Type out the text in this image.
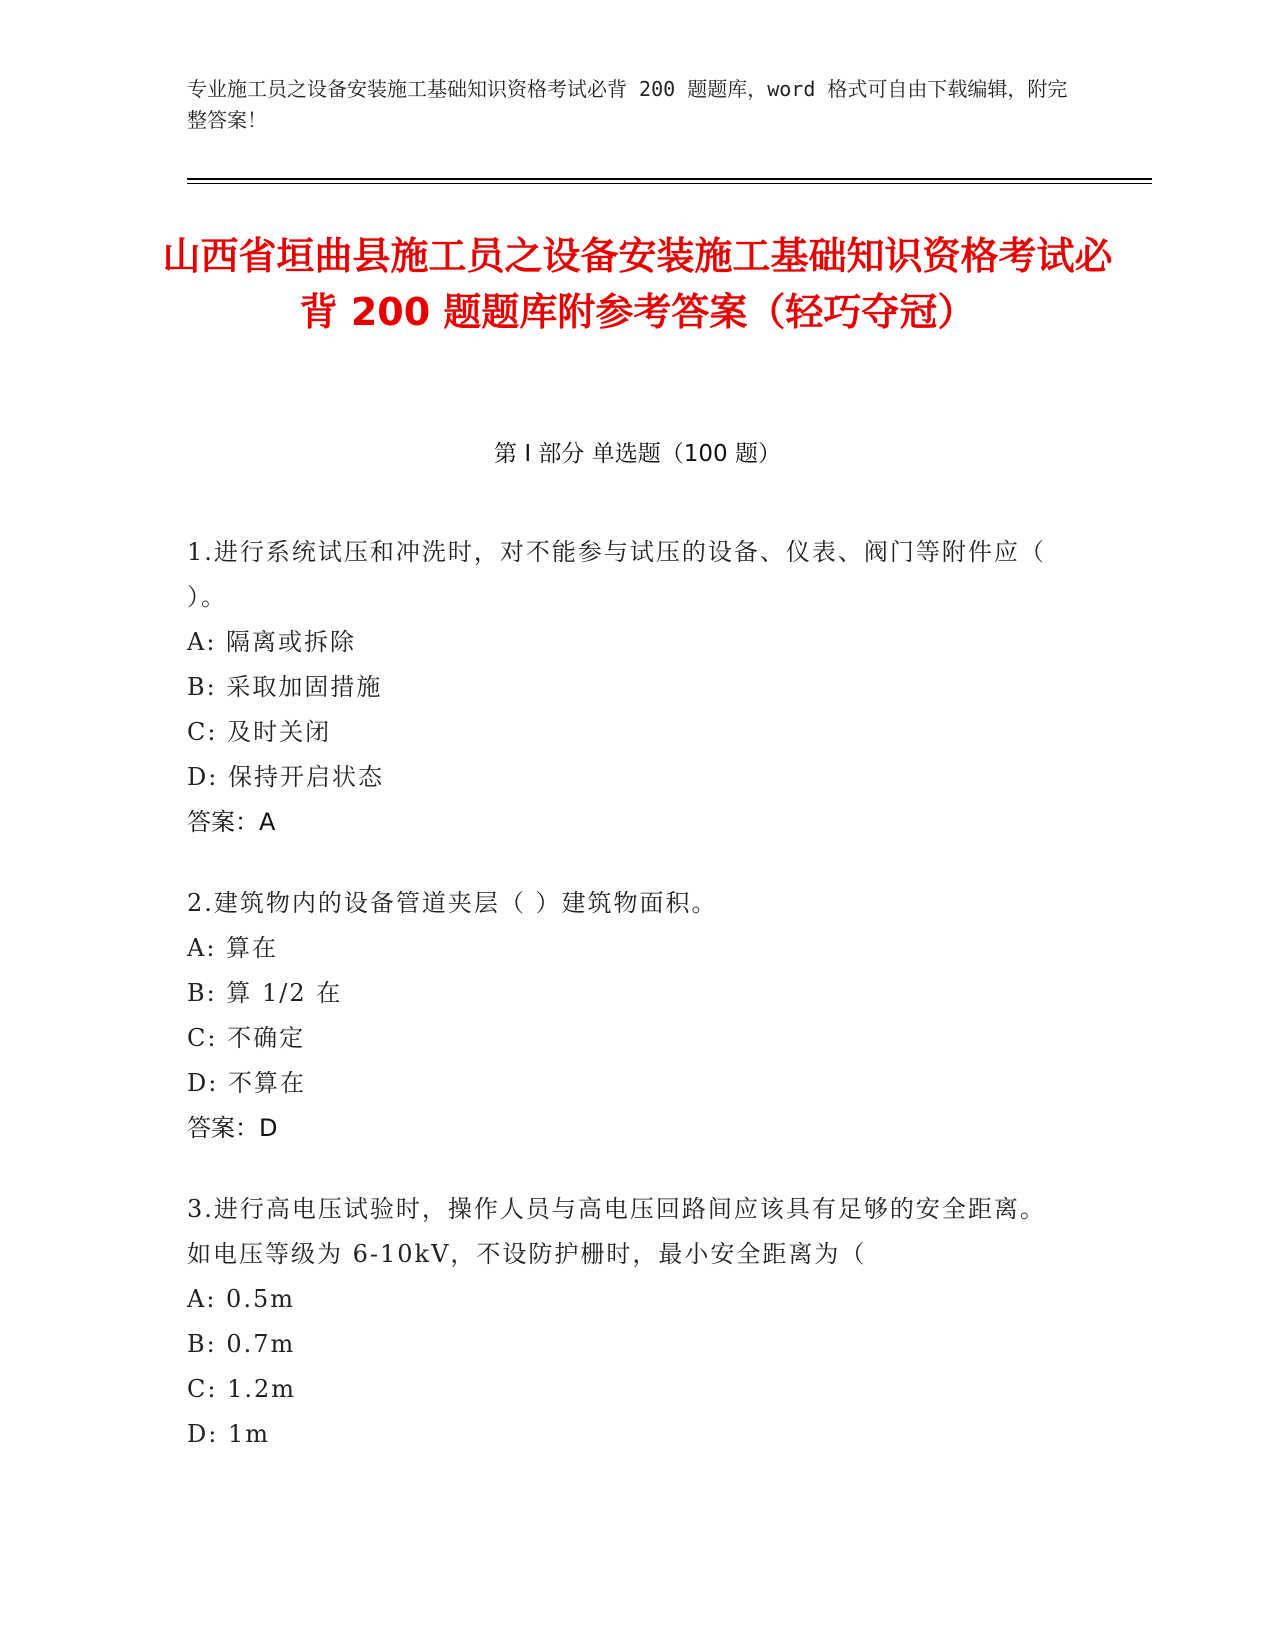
专业施工员之设备安装施工基础知识资格考试必背 200 题题库，word 格式可自由下载编辑，附完整答案！
山西省垣曲县施工员之设备安装施工基础知识资格考试必背 200 题题库附参考答案（轻巧夺冠）
第 I 部分 单选题（100 题）

1.进行系统试压和冲洗时，对不能参与试压的设备、仪表、阀门等附件应（ ）。

A: 隔离或拆除

B: 采取加固措施

C: 及时关闭

D: 保持开启状态

答案：A

2.建筑物内的设备管道夹层（ ）建筑物面积。

A: 算在

B: 算 1/2 在

C: 不确定

D: 不算在

答案：D

3.进行高电压试验时，操作人员与高电压回路间应该具有足够的安全距离。如电压等级为 6-10kV，不设防护栅时，最小安全距离为（

A: 0.5m

B: 0.7m

C: 1.2m

D: 1m
